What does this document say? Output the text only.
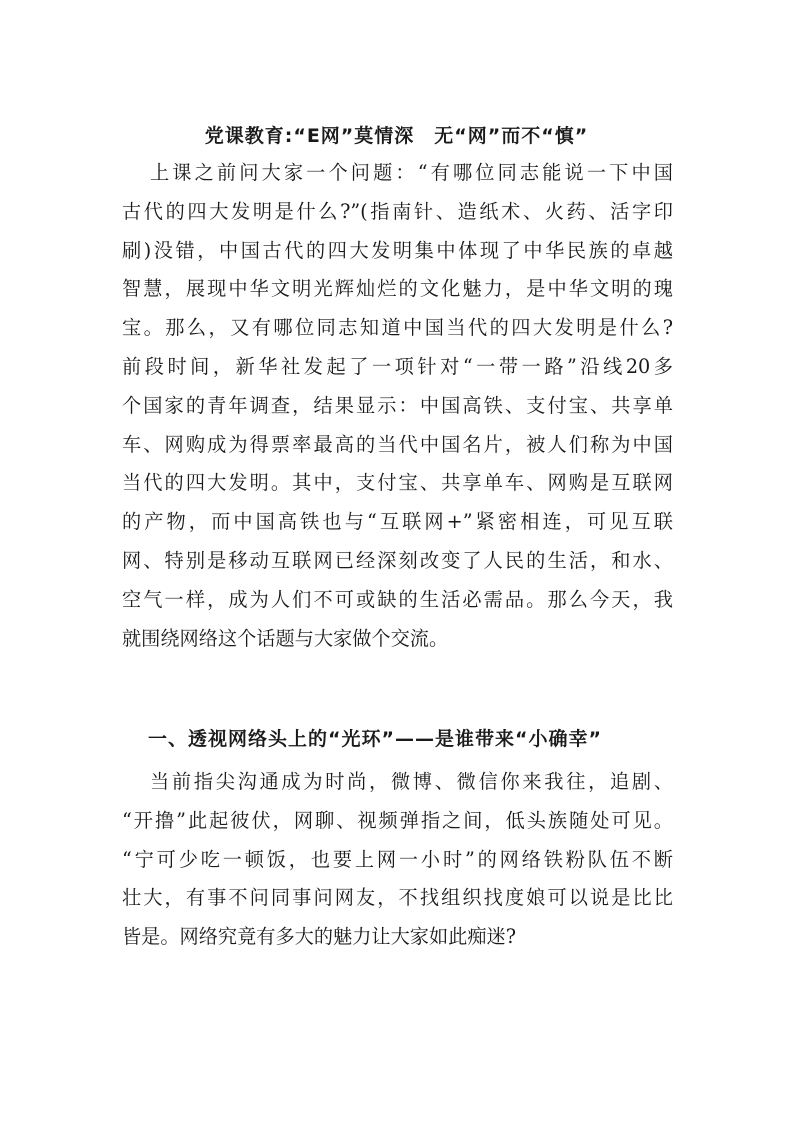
党课教育:“E网”莫情深　无“网”而不“慎”
上课之前问大家一个问题：“有哪位同志能说一下中国
古代的四大发明是什么?”(指南针、造纸术、火药、活字印
刷)没错，中国古代的四大发明集中体现了中华民族的卓越
智慧，展现中华文明光辉灿烂的文化魅力，是中华文明的瑰
宝。那么，又有哪位同志知道中国当代的四大发明是什么?
前段时间，新华社发起了一项针对“一带一路”沿线20多
个国家的青年调查，结果显示：中国高铁、支付宝、共享单
车、网购成为得票率最高的当代中国名片，被人们称为中国
当代的四大发明。其中，支付宝、共享单车、网购是互联网
的产物，而中国高铁也与“互联网+”紧密相连，可见互联
网、特别是移动互联网已经深刻改变了人民的生活，和水、
空气一样，成为人们不可或缺的生活必需品。那么今天，我
就围绕网络这个话题与大家做个交流。
一、透视网络头上的“光环”——是谁带来“小确幸”
当前指尖沟通成为时尚，微博、微信你来我往，追剧、
“开撸”此起彼伏，网聊、视频弹指之间，低头族随处可见。
“宁可少吃一顿饭，也要上网一小时”的网络铁粉队伍不断
壮大，有事不问同事问网友，不找组织找度娘可以说是比比
皆是。网络究竟有多大的魅力让大家如此痴迷?
